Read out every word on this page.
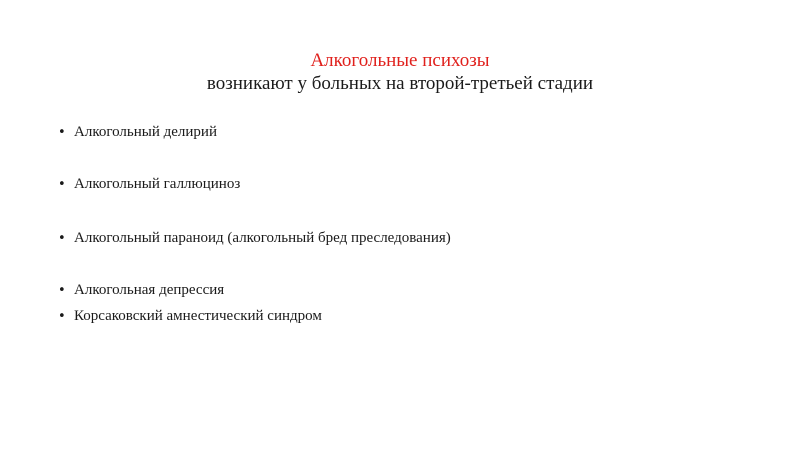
Алкогольные психозы
возникают у больных на второй-третьей стадии
• Алкогольный делирий
• Алкогольный галлюциноз
• Алкогольный параноид (алкогольный бред преследования)
• Алкогольная депрессия
• Корсаковский амнестический синдром
